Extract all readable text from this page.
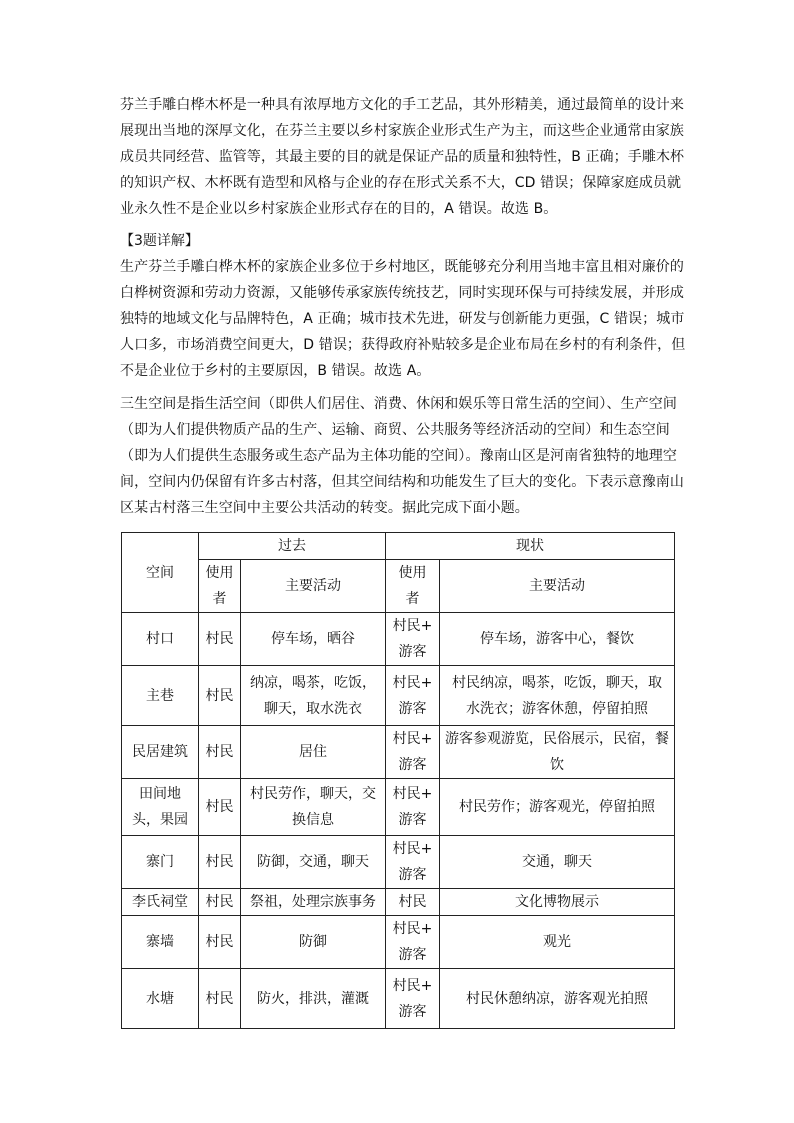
芬兰手雕白桦木杯是一种具有浓厚地方文化的手工艺品，其外形精美，通过最简单的设计来
展现出当地的深厚文化，在芬兰主要以乡村家族企业形式生产为主，而这些企业通常由家族
成员共同经营、监管等，其最主要的目的就是保证产品的质量和独特性，B 正确；手雕木杯
的知识产权、木杯既有造型和风格与企业的存在形式关系不大，CD 错误；保障家庭成员就
业永久性不是企业以乡村家族企业形式存在的目的，A 错误。故选 B。
【3题详解】
生产芬兰手雕白桦木杯的家族企业多位于乡村地区，既能够充分利用当地丰富且相对廉价的
白桦树资源和劳动力资源，又能够传承家族传统技艺，同时实现环保与可持续发展，并形成
独特的地域文化与品牌特色，A 正确；城市技术先进，研发与创新能力更强，C 错误；城市
人口多，市场消费空间更大，D 错误；获得政府补贴较多是企业布局在乡村的有利条件，但
不是企业位于乡村的主要原因，B 错误。故选 A。
三生空间是指生活空间（即供人们居住、消费、休闲和娱乐等日常生活的空间）、生产空间
（即为人们提供物质产品的生产、运输、商贸、公共服务等经济活动的空间）和生态空间
（即为人们提供生态服务或生态产品为主体功能的空间）。豫南山区是河南省独特的地理空
间，空间内仍保留有许多古村落，但其空间结构和功能发生了巨大的变化。下表示意豫南山
区某古村落三生空间中主要公共活动的转变。据此完成下面小题。
空间	过去		现状	

	使用
者	主要活动	使用
者	主要活动

村口	村民	停车场，晒谷	村民+
游客	停车场，游客中心，餐饮

主巷	村民	纳凉，喝茶，吃饭，
聊天，取水洗衣	村民+
游客	村民纳凉，喝茶，吃饭，聊天，取
水洗衣；游客休憩，停留拍照

民居建筑	村民	居住	村民+
游客	游客参观游览，民俗展示，民宿，餐
饮

田间地
头，果园	村民	村民劳作，聊天，交
换信息	村民+
游客	村民劳作；游客观光，停留拍照

寨门	村民	防御，交通，聊天	村民+
游客	交通，聊天

李氏祠堂	村民	祭祖，处理宗族事务	村民	文化博物展示

寨墙	村民	防御	村民+
游客	观光

水塘	村民	防火，排洪，灌溉	村民+
游客	村民休憩纳凉，游客观光拍照
